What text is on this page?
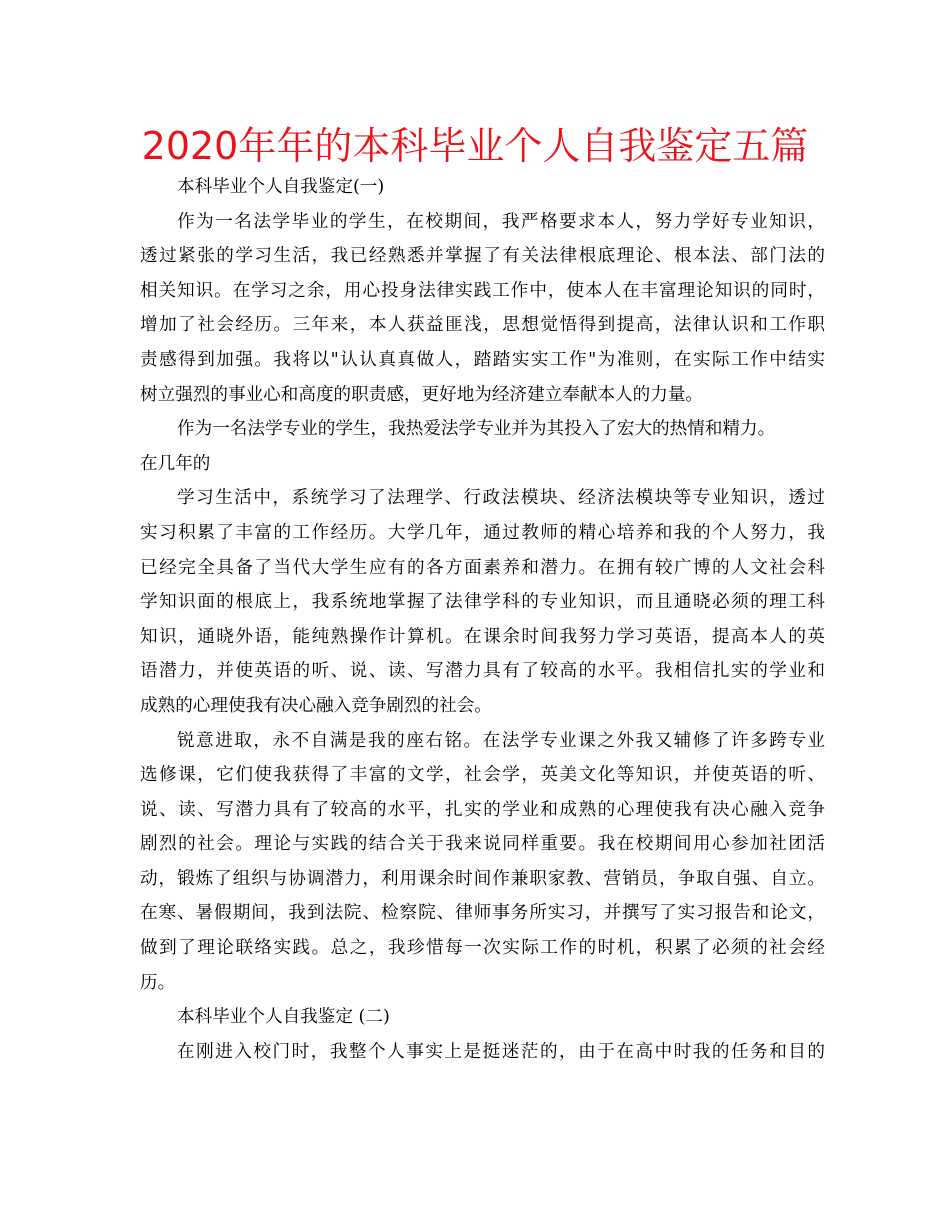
2020年年的本科毕业个人自我鉴定五篇
本科毕业个人自我鉴定(一)
作为一名法学毕业的学生，在校期间，我严格要求本人，努力学好专业知识，
透过紧张的学习生活，我已经熟悉并掌握了有关法律根底理论、根本法、部门法的
相关知识。在学习之余，用心投身法律实践工作中，使本人在丰富理论知识的同时，
增加了社会经历。三年来，本人获益匪浅，思想觉悟得到提高，法律认识和工作职
责感得到加强。我将以"认认真真做人，踏踏实实工作"为准则，在实际工作中结实
树立强烈的事业心和高度的职责感，更好地为经济建立奉献本人的力量。
作为一名法学专业的学生，我热爱法学专业并为其投入了宏大的热情和精力。
在几年的
学习生活中，系统学习了法理学、行政法模块、经济法模块等专业知识，透过
实习积累了丰富的工作经历。大学几年，通过教师的精心培养和我的个人努力，我
已经完全具备了当代大学生应有的各方面素养和潜力。在拥有较广博的人文社会科
学知识面的根底上，我系统地掌握了法律学科的专业知识，而且通晓必须的理工科
知识，通晓外语，能纯熟操作计算机。在课余时间我努力学习英语，提高本人的英
语潜力，并使英语的听、说、读、写潜力具有了较高的水平。我相信扎实的学业和
成熟的心理使我有决心融入竞争剧烈的社会。
锐意进取，永不自满是我的座右铭。在法学专业课之外我又辅修了许多跨专业
选修课，它们使我获得了丰富的文学，社会学，英美文化等知识，并使英语的听、
说、读、写潜力具有了较高的水平，扎实的学业和成熟的心理使我有决心融入竞争
剧烈的社会。理论与实践的结合关于我来说同样重要。我在校期间用心参加社团活
动，锻炼了组织与协调潜力，利用课余时间作兼职家教、营销员，争取自强、自立。
在寒、暑假期间，我到法院、检察院、律师事务所实习，并撰写了实习报告和论文，
做到了理论联络实践。总之，我珍惜每一次实际工作的时机，积累了必须的社会经
历。
本科毕业个人自我鉴定 (二)
在刚进入校门时，我整个人事实上是挺迷茫的，由于在高中时我的任务和目的
